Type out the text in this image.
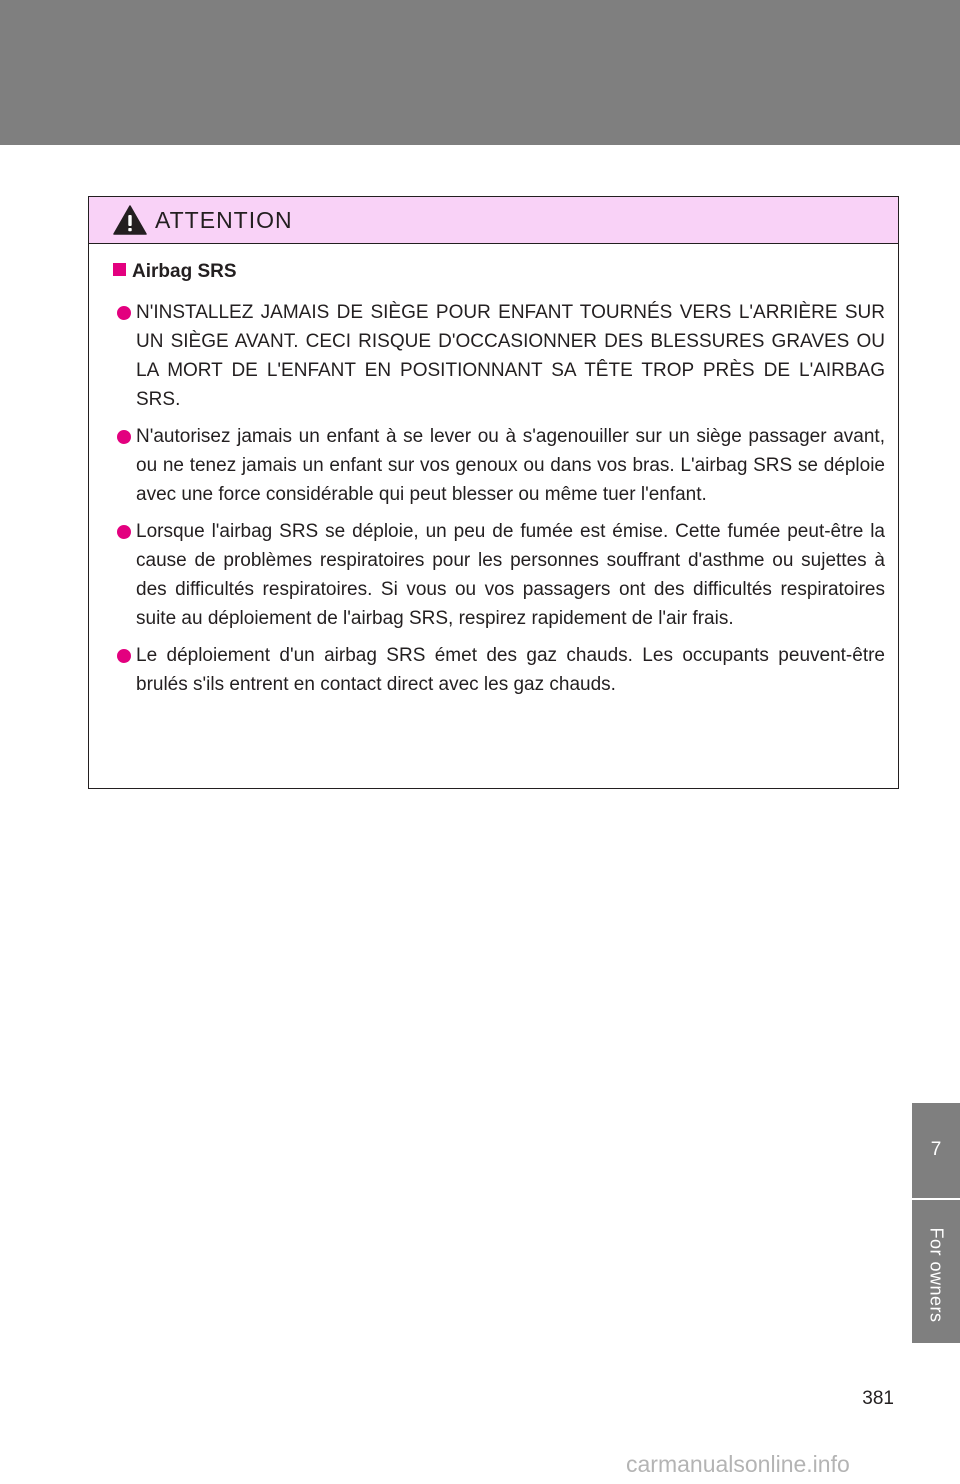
ATTENTION
Airbag SRS
N'INSTALLEZ JAMAIS DE SIÈGE POUR ENFANT TOURNÉS VERS L'ARRIÈRE SUR UN SIÈGE AVANT. CECI RISQUE D'OCCASIONNER DES BLESSURES GRAVES OU LA MORT DE L'ENFANT EN POSITIONNANT SA TÊTE TROP PRÈS DE L'AIRBAG SRS.
N'autorisez jamais un enfant à se lever ou à s'agenouiller sur un siège passager avant, ou ne tenez jamais un enfant sur vos genoux ou dans vos bras. L'airbag SRS se déploie avec une force considérable qui peut blesser ou même tuer l'enfant.
Lorsque l'airbag SRS se déploie, un peu de fumée est émise. Cette fumée peut-être la cause de problèmes respiratoires pour les personnes souffrant d'asthme ou sujettes à des difficultés respiratoires. Si vous ou vos passagers ont des difficultés respiratoires suite au déploiement de l'airbag SRS, respirez rapidement de l'air frais.
Le déploiement d'un airbag SRS émet des gaz chauds. Les occupants peuvent-être brulés s'ils entrent en contact direct avec les gaz chauds.
7
For owners
381
carmanualsonline.info
